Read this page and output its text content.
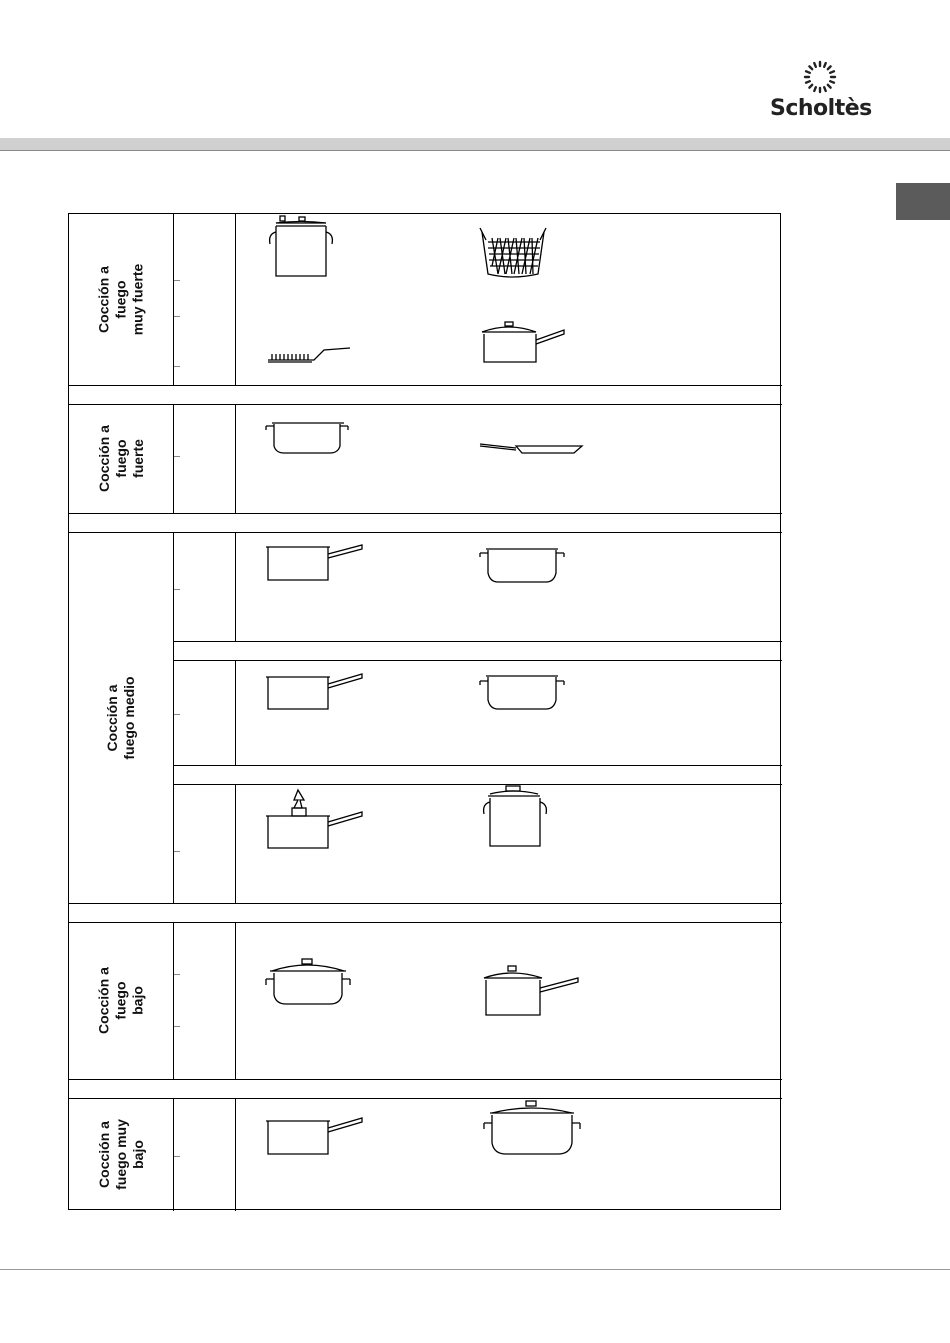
Scholtès
Cocción a fuego
muy fuerte
Cocción a
fuego
fuerte
Cocción a fuego medio
Cocción a fuego
bajo
Cocción a
fuego muy
bajo
